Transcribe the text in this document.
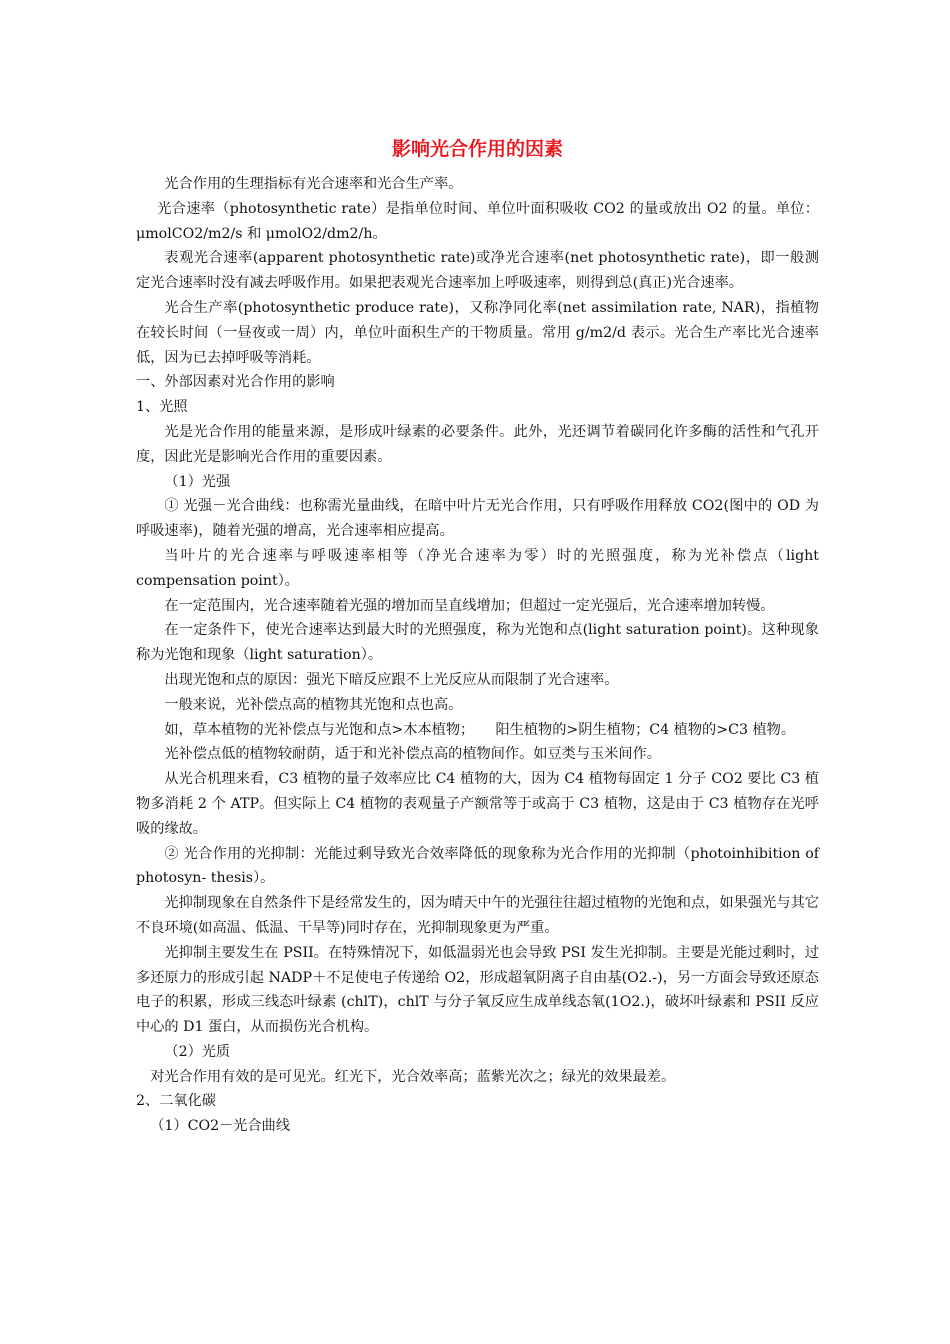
影响光合作用的因素

光合作用的生理指标有光合速率和光合生产率。

光合速率（photosynthetic rate）是指单位时间、单位叶面积吸收 CO2 的量或放出 O2 的量。单位：μmolCO2/m2/s 和 μmolO2/dm2/h。

表观光合速率(apparent photosynthetic rate)或净光合速率(net photosynthetic rate)，即一般测定光合速率时没有减去呼吸作用。如果把表观光合速率加上呼吸速率，则得到总(真正)光合速率。

光合生产率(photosynthetic produce rate)，又称净同化率(net assimilation rate, NAR)，指植物在较长时间（一昼夜或一周）内，单位叶面积生产的干物质量。常用 g/m2/d 表示。光合生产率比光合速率低，因为已去掉呼吸等消耗。

一、外部因素对光合作用的影响

1、光照

光是光合作用的能量来源，是形成叶绿素的必要条件。此外，光还调节着碳同化许多酶的活性和气孔开度，因此光是影响光合作用的重要因素。

（1）光强

① 光强－光合曲线：也称需光量曲线，在暗中叶片无光合作用，只有呼吸作用释放 CO2(图中的 OD 为呼吸速率)，随着光强的增高，光合速率相应提高。

当叶片的光合速率与呼吸速率相等（净光合速率为零）时的光照强度，称为光补偿点（light compensation point）。

在一定范围内，光合速率随着光强的增加而呈直线增加；但超过一定光强后，光合速率增加转慢。

在一定条件下，使光合速率达到最大时的光照强度，称为光饱和点(light saturation point)。这种现象称为光饱和现象（light saturation）。

出现光饱和点的原因：强光下暗反应跟不上光反应从而限制了光合速率。

一般来说，光补偿点高的植物其光饱和点也高。

如，草本植物的光补偿点与光饱和点>木本植物；　　阳生植物的>阴生植物；C4 植物的>C3 植物。

光补偿点低的植物较耐荫，适于和光补偿点高的植物间作。如豆类与玉米间作。

从光合机理来看，C3 植物的量子效率应比 C4 植物的大，因为 C4 植物每固定 1 分子 CO2 要比 C3 植物多消耗 2 个 ATP。但实际上 C4 植物的表观量子产额常等于或高于 C3 植物，这是由于 C3 植物存在光呼吸的缘故。

② 光合作用的光抑制：光能过剩导致光合效率降低的现象称为光合作用的光抑制（photoinhibition of photosyn- thesis）。

光抑制现象在自然条件下是经常发生的，因为晴天中午的光强往往超过植物的光饱和点，如果强光与其它不良环境(如高温、低温、干旱等)同时存在，光抑制现象更为严重。

光抑制主要发生在 PSII。在特殊情况下，如低温弱光也会导致 PSI 发生光抑制。主要是光能过剩时，过多还原力的形成引起 NADP＋不足使电子传递给 O2，形成超氧阴离子自由基(O2.-)，另一方面会导致还原态电子的积累，形成三线态叶绿素 (chlT)，chlT 与分子氧反应生成单线态氧(1O2.)，破坏叶绿素和 PSII 反应中心的 D1 蛋白，从而损伤光合机构。

（2）光质

对光合作用有效的是可见光。红光下，光合效率高；蓝紫光次之；绿光的效果最差。

2、二氧化碳

（1）CO2－光合曲线
